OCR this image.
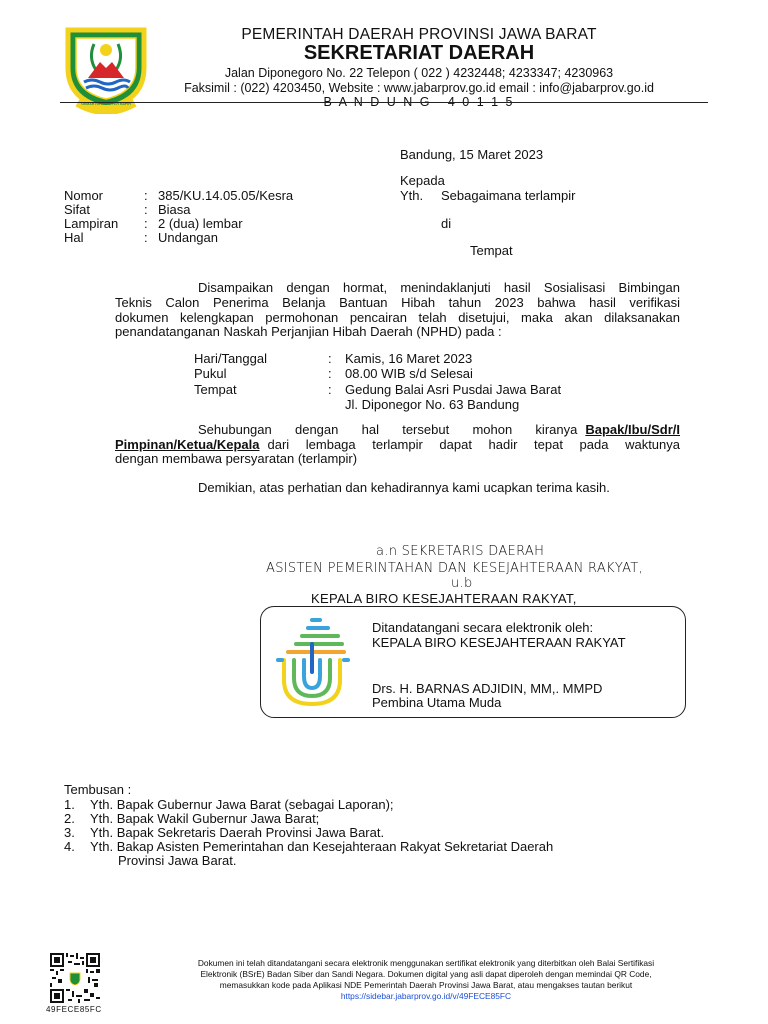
GEMAH RIPAH REPEH RAPIH
PEMERINTAH DAERAH PROVINSI JAWA BARAT
SEKRETARIAT DAERAH
Jalan Diponegoro No. 22 Telepon ( 022 ) 4232448; 4233347; 4230963
Faksimil : (022) 4203450, Website : www.jabarprov.go.id email : info@jabarprov.go.id
B A N D U N G   4 0 1 1 5
Bandung, 15 Maret 2023
Kepada
Yth. Sebagaimana terlampir
di
Tempat
Nomor	: 385/KU.14.05.05/Kesra
Sifat	: Biasa
Lampiran : 2 (dua) lembar
Hal	: Undangan
Disampaikan dengan hormat, menindaklanjuti hasil Sosialisasi Bimbingan
Teknis Calon Penerima Belanja Bantuan Hibah tahun 2023 bahwa hasil verifikasi
dokumen kelengkapan permohonan pencairan telah disetujui, maka akan dilaksanakan
penandatanganan Naskah Perjanjian Hibah Daerah (NPHD) pada :
Hari/Tanggal	: Kamis, 16 Maret 2023
Pukul	: 08.00 WIB s/d Selesai
Tempat	: Gedung Balai Asri Pusdai Jawa Barat
Jl. Diponegor No. 63 Bandung
Sehubungan dengan hal tersebut mohon kiranya Bapak/Ibu/Sdr/I
Pimpinan/Ketua/Kepala dari lembaga terlampir dapat hadir tepat pada waktunya
dengan membawa persyaratan (terlampir)
Demikian, atas perhatian dan kehadirannya kami ucapkan terima kasih.
a.n SEKRETARIS DAERAH
ASISTEN PEMERINTAHAN DAN KESEJAHTERAAN RAKYAT,
u.b
KEPALA BIRO KESEJAHTERAAN RAKYAT,
Ditandatangani secara elektronik oleh:
KEPALA BIRO KESEJAHTERAAN RAKYAT
Drs. H. BARNAS ADJIDIN, MM,. MMPD
Pembina Utama Muda
Tembusan :
1. Yth. Bapak Gubernur Jawa Barat (sebagai Laporan);
2. Yth. Bapak Wakil Gubernur Jawa Barat;
3. Yth. Bapak Sekretaris Daerah Provinsi Jawa Barat.
4. Yth. Bakap Asisten Pemerintahan dan Kesejahteraan Rakyat Sekretariat Daerah
Provinsi Jawa Barat.
49FECE85FC
Dokumen ini telah ditandatangani secara elektronik menggunakan sertifikat elektronik yang diterbitkan oleh Balai Sertifikasi
Elektronik (BSrE) Badan Siber dan Sandi Negara. Dokumen digital yang asli dapat diperoleh dengan memindai QR Code,
memasukkan kode pada Aplikasi NDE Pemerintah Daerah Provinsi Jawa Barat, atau mengakses tautan berikut
https://sidebar.jabarprov.go.id/v/49FECE85FC
